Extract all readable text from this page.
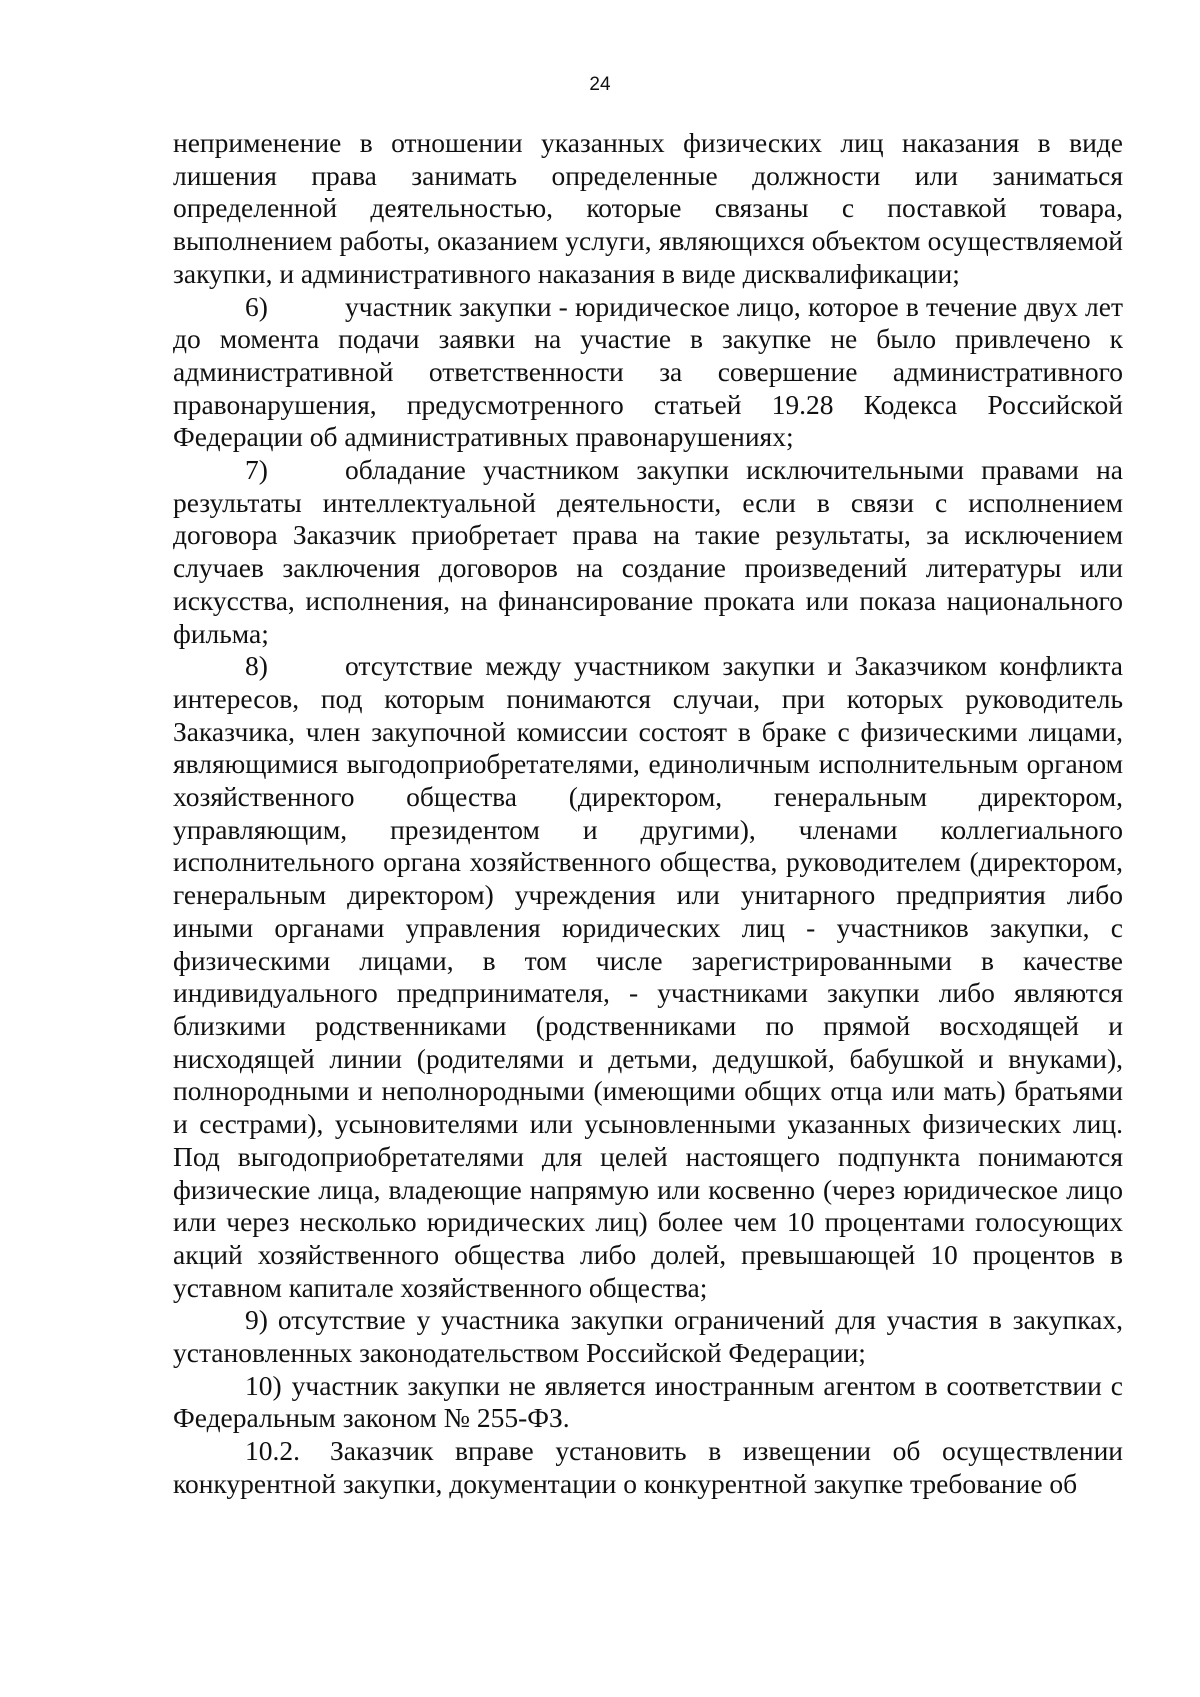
24

неприменение в отношении указанных физических лиц наказания в виде лишения права занимать определенные должности или заниматься определенной деятельностью, которые связаны с поставкой товара, выполнением работы, оказанием услуги, являющихся объектом осуществляемой закупки, и административного наказания в виде дисквалификации;

6)	участник закупки - юридическое лицо, которое в течение двух лет до момента подачи заявки на участие в закупке не было привлечено к административной ответственности за совершение административного правонарушения, предусмотренного статьей 19.28 Кодекса Российской Федерации об административных правонарушениях;

7)	обладание участником закупки исключительными правами на результаты интеллектуальной деятельности, если в связи с исполнением договора Заказчик приобретает права на такие результаты, за исключением случаев заключения договоров на создание произведений литературы или искусства, исполнения, на финансирование проката или показа национального фильма;

8)	отсутствие между участником закупки и Заказчиком конфликта интересов, под которым понимаются случаи, при которых руководитель Заказчика, член закупочной комиссии состоят в браке с физическими лицами, являющимися выгодоприобретателями, единоличным исполнительным органом хозяйственного общества (директором, генеральным директором, управляющим, президентом и другими), членами коллегиального исполнительного органа хозяйственного общества, руководителем (директором, генеральным директором) учреждения или унитарного предприятия либо иными органами управления юридических лиц - участников закупки, с физическими лицами, в том числе зарегистрированными в качестве индивидуального предпринимателя, - участниками закупки либо являются близкими родственниками (родственниками по прямой восходящей и нисходящей линии (родителями и детьми, дедушкой, бабушкой и внуками), полнородными и неполнородными (имеющими общих отца или мать) братьями и сестрами), усыновителями или усыновленными указанных физических лиц. Под выгодоприобретателями для целей настоящего подпункта понимаются физические лица, владеющие напрямую или косвенно (через юридическое лицо или через несколько юридических лиц) более чем 10 процентами голосующих акций хозяйственного общества либо долей, превышающей 10 процентов в уставном капитале хозяйственного общества;

9) отсутствие у участника закупки ограничений для участия в закупках, установленных законодательством Российской Федерации;

10) участник закупки не является иностранным агентом в соответствии с Федеральным законом № 255-ФЗ.

10.2. Заказчик вправе установить в извещении об осуществлении конкурентной закупки, документации о конкурентной закупке требование об
